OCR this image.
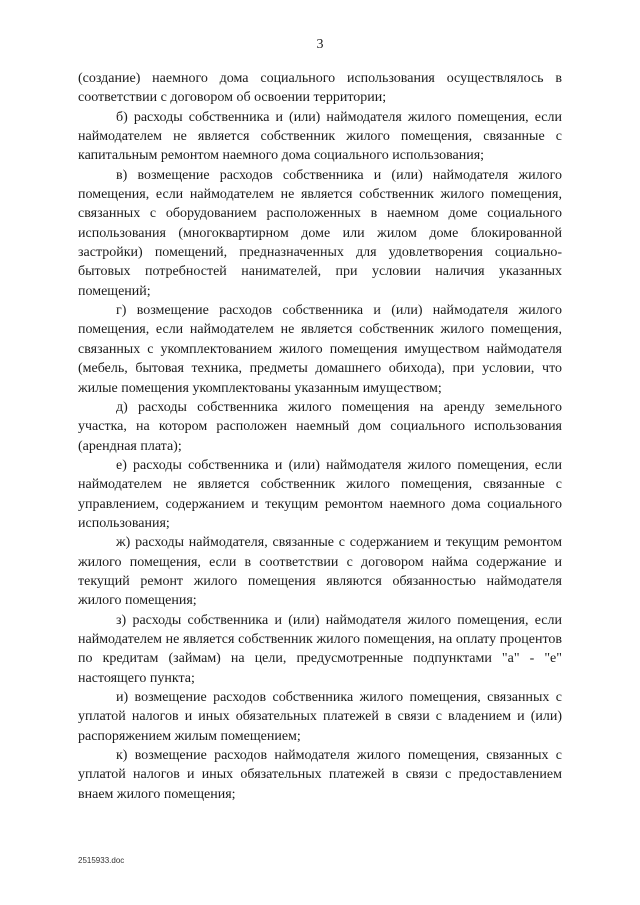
3

(создание) наемного дома социального использования осуществлялось в соответствии с договором об освоении территории;

б) расходы собственника и (или) наймодателя жилого помещения, если наймодателем не является собственник жилого помещения, связанные с капитальным ремонтом наемного дома социального использования;

в) возмещение расходов собственника и (или) наймодателя жилого помещения, если наймодателем не является собственник жилого помещения, связанных с оборудованием расположенных в наемном доме социального использования (многоквартирном доме или жилом доме блокированной застройки) помещений, предназначенных для удовлетворения социально-бытовых потребностей нанимателей, при условии наличия указанных помещений;

г) возмещение расходов собственника и (или) наймодателя жилого помещения, если наймодателем не является собственник жилого помещения, связанных с укомплектованием жилого помещения имуществом наймодателя (мебель, бытовая техника, предметы домашнего обихода), при условии, что жилые помещения укомплектованы указанным имуществом;

д) расходы собственника жилого помещения на аренду земельного участка, на котором расположен наемный дом социального использования (арендная плата);

е) расходы собственника и (или) наймодателя жилого помещения, если наймодателем не является собственник жилого помещения, связанные с управлением, содержанием и текущим ремонтом наемного дома социального использования;

ж) расходы наймодателя, связанные с содержанием и текущим ремонтом жилого помещения, если в соответствии с договором найма содержание и текущий ремонт жилого помещения являются обязанностью наймодателя жилого помещения;

з) расходы собственника и (или) наймодателя жилого помещения, если наймодателем не является собственник жилого помещения, на оплату процентов по кредитам (займам) на цели, предусмотренные подпунктами "а" - "е" настоящего пункта;

и) возмещение расходов собственника жилого помещения, связанных с уплатой налогов и иных обязательных платежей в связи с владением и (или) распоряжением жилым помещением;

к) возмещение расходов наймодателя жилого помещения, связанных с уплатой налогов и иных обязательных платежей в связи с предоставлением внаем жилого помещения;

2515933.doc
